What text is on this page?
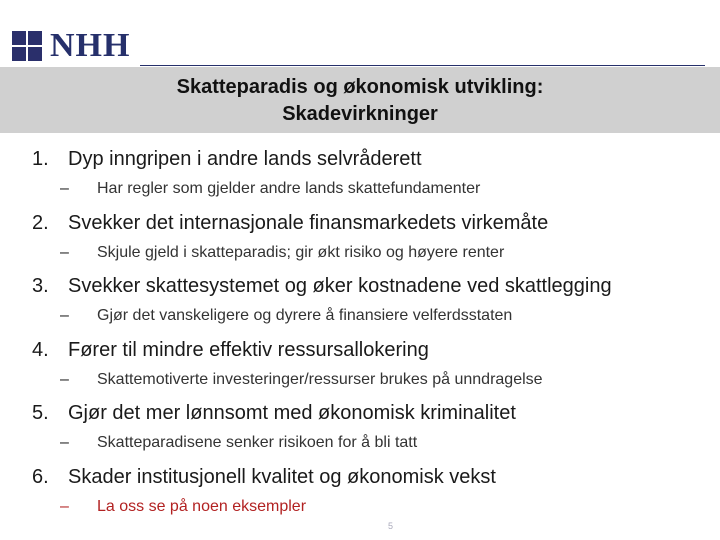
NHH
Skatteparadis og økonomisk utvikling:
Skadevirkninger
1. Dyp inngripen i andre lands selvråderett
– Har regler som gjelder andre lands skattefundamenter
2. Svekker det internasjonale finansmarkedets virkemåte
– Skjule gjeld i skatteparadis; gir økt risiko og høyere renter
3. Svekker skattesystemet og øker kostnadene ved skattlegging
– Gjør det vanskeligere og dyrere å finansiere velferdsstaten
4. Fører til mindre effektiv ressursallokering
– Skattemotiverte investeringer/ressurser brukes på unndragelse
5. Gjør det mer lønnsomt med økonomisk kriminalitet
– Skatteparadisene senker risikoen for å bli tatt
6. Skader institusjonell kvalitet og økonomisk vekst
– La oss se på noen eksempler
5
